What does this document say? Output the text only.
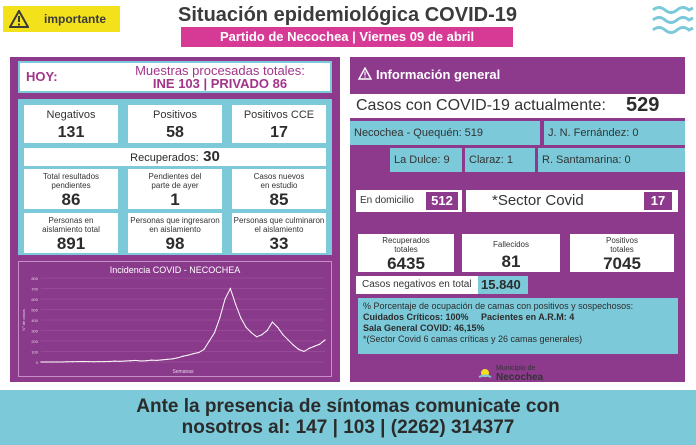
importante	Situación epidemiológica COVID-19
Partido de Necochea | Viernes 09 de abril
HOY:	Muestras procesadas totales:
INE 103 | PRIVADO 86
Negativos
131
Positivos
58
Positivos CCE
17
Recuperados: 30
Total resultados
pendientes
86
Pendientes del
parte de ayer
1
Casos nuevos
en estudio
85
Personas en
aislamiento total
891
Personas que ingresaron
en aislamiento
98
Personas que culminaron
el aislamiento
33
Incidencia COVID - NECOCHEA
0
100
200
300
400
500
600
700
800
N° de casos
Semanas
Información general
Casos con COVID-19 actualmente: 529
Necochea - Quequén: 519	J. N. Fernández: 0
La Dulce: 9	Claraz: 1	R. Santamarina: 0
En domicilio	512	*Sector Covid	17
Recuperados
totales
6435
Fallecidos
81
Positivos
totales
7045
Casos negativos en total 15.840
% Porcentaje de ocupación de camas con positivos y sospechosos:
Cuidados Críticos: 100% Pacientes en A.R.M: 4
Sala General COVID: 46,15%
*(Sector Covid 6 camas críticas y 26 camas generales)
Municipio de
Necochea
Ante la presencia de síntomas comunicate con
nosotros al: 147 | 103 | (2262) 314377
